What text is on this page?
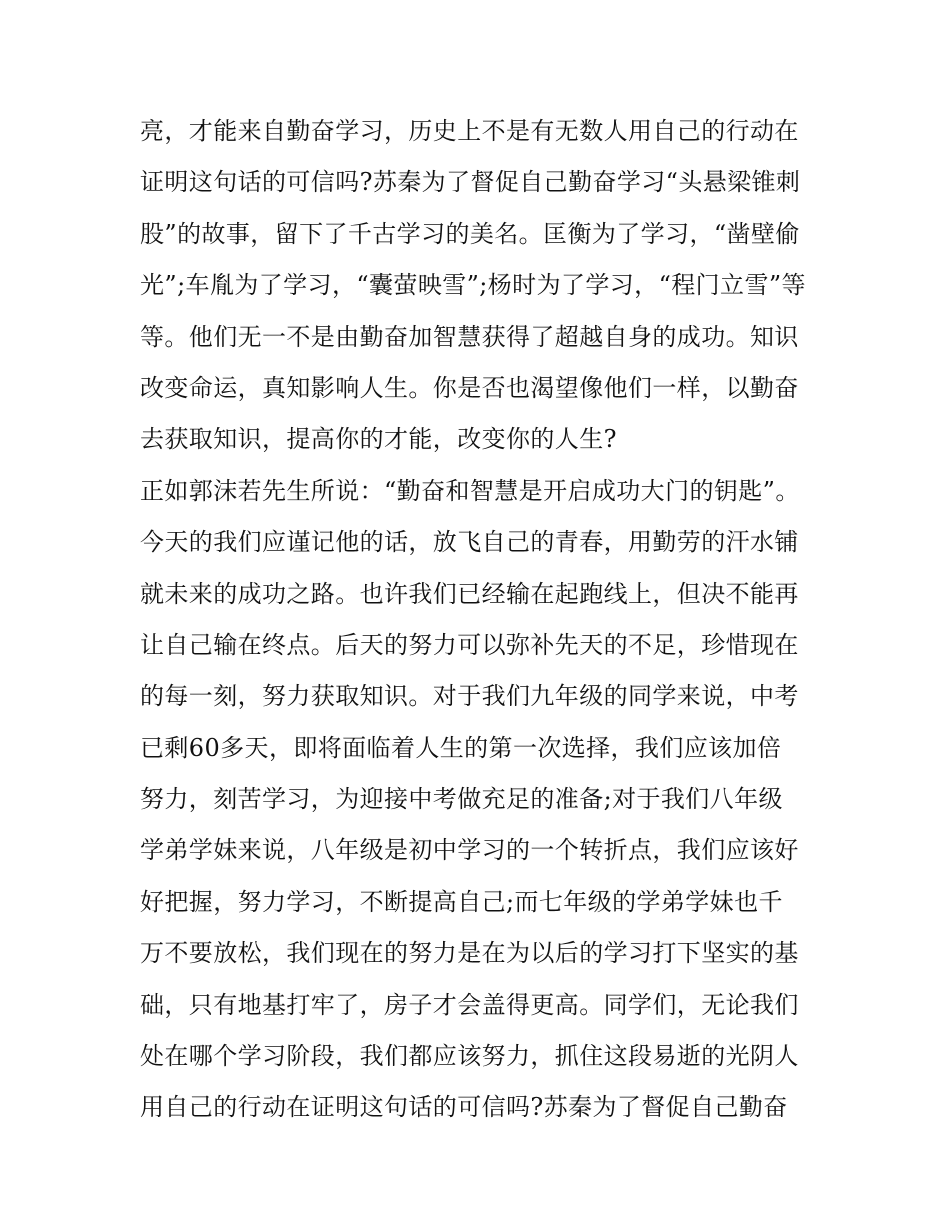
亮，才能来自勤奋学习，历史上不是有无数人用自己的行动在
证明这句话的可信吗?苏秦为了督促自己勤奋学习“头悬梁锥刺
股”的故事，留下了千古学习的美名。匡衡为了学习，“凿壁偷
光”;车胤为了学习，“囊萤映雪”;杨时为了学习，“程门立雪”等
等。他们无一不是由勤奋加智慧获得了超越自身的成功。知识
改变命运，真知影响人生。你是否也渴望像他们一样，以勤奋
去获取知识，提高你的才能，改变你的人生?
正如郭沫若先生所说：“勤奋和智慧是开启成功大门的钥匙”。
今天的我们应谨记他的话，放飞自己的青春，用勤劳的汗水铺
就未来的成功之路。也许我们已经输在起跑线上，但决不能再
让自己输在终点。后天的努力可以弥补先天的不足，珍惜现在
的每一刻，努力获取知识。对于我们九年级的同学来说，中考
已剩60多天，即将面临着人生的第一次选择，我们应该加倍
努力，刻苦学习，为迎接中考做充足的准备;对于我们八年级
学弟学妹来说，八年级是初中学习的一个转折点，我们应该好
好把握，努力学习，不断提高自己;而七年级的学弟学妹也千
万不要放松，我们现在的努力是在为以后的学习打下坚实的基
础，只有地基打牢了，房子才会盖得更高。同学们，无论我们
处在哪个学习阶段，我们都应该努力，抓住这段易逝的光阴人
用自己的行动在证明这句话的可信吗?苏秦为了督促自己勤奋
